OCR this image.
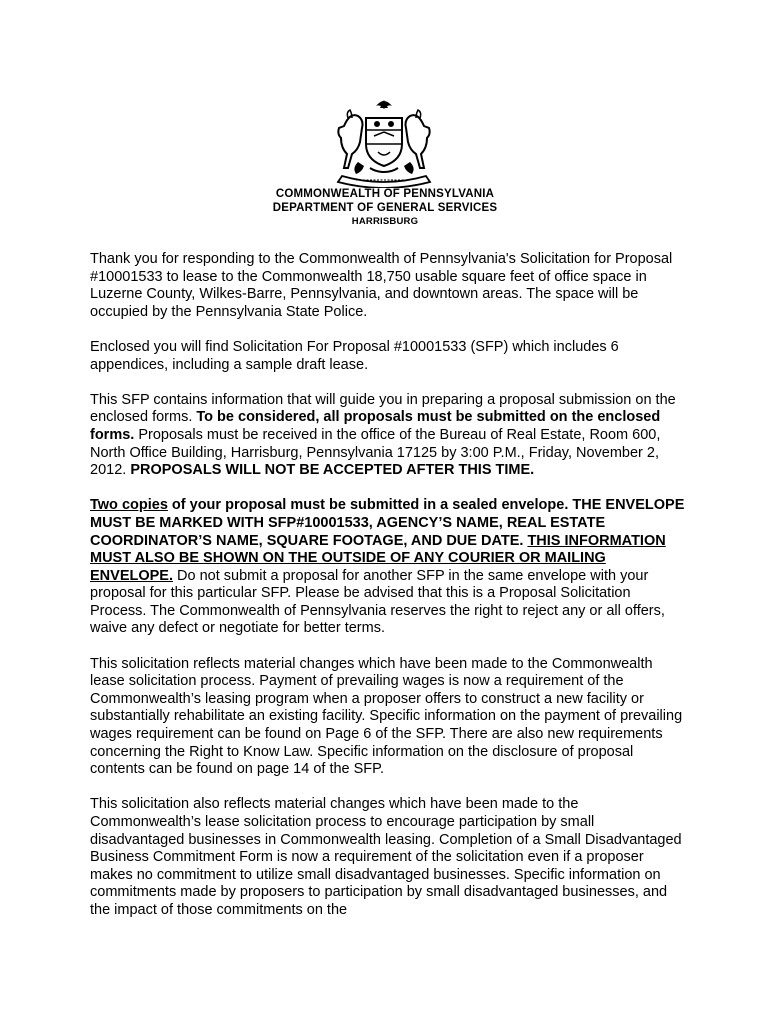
COMMONWEALTH OF PENNSYLVANIA
DEPARTMENT OF GENERAL SERVICES
HARRISBURG

Thank you for responding to the Commonwealth of Pennsylvania's Solicitation for Proposal #10001533 to lease to the Commonwealth 18,750 usable square feet of office space in Luzerne County, Wilkes-Barre, Pennsylvania, and downtown areas. The space will be occupied by the Pennsylvania State Police.

Enclosed you will find Solicitation For Proposal #10001533 (SFP) which includes 6 appendices, including a sample draft lease.

This SFP contains information that will guide you in preparing a proposal submission on the enclosed forms. To be considered, all proposals must be submitted on the enclosed forms. Proposals must be received in the office of the Bureau of Real Estate, Room 600, North Office Building, Harrisburg, Pennsylvania 17125 by 3:00 P.M., Friday, November 2, 2012. PROPOSALS WILL NOT BE ACCEPTED AFTER THIS TIME.

Two copies of your proposal must be submitted in a sealed envelope. THE ENVELOPE MUST BE MARKED WITH SFP#10001533, AGENCY’S NAME, REAL ESTATE COORDINATOR’S NAME, SQUARE FOOTAGE, AND DUE DATE. THIS INFORMATION MUST ALSO BE SHOWN ON THE OUTSIDE OF ANY COURIER OR MAILING ENVELOPE. Do not submit a proposal for another SFP in the same envelope with your proposal for this particular SFP. Please be advised that this is a Proposal Solicitation Process. The Commonwealth of Pennsylvania reserves the right to reject any or all offers, waive any defect or negotiate for better terms.

This solicitation reflects material changes which have been made to the Commonwealth lease solicitation process. Payment of prevailing wages is now a requirement of the Commonwealth’s leasing program when a proposer offers to construct a new facility or substantially rehabilitate an existing facility. Specific information on the payment of prevailing wages requirement can be found on Page 6 of the SFP. There are also new requirements concerning the Right to Know Law. Specific information on the disclosure of proposal contents can be found on page 14 of the SFP.

This solicitation also reflects material changes which have been made to the Commonwealth’s lease solicitation process to encourage participation by small disadvantaged businesses in Commonwealth leasing. Completion of a Small Disadvantaged Business Commitment Form is now a requirement of the solicitation even if a proposer makes no commitment to utilize small disadvantaged businesses. Specific information on commitments made by proposers to participation by small disadvantaged businesses, and the impact of those commitments on the
